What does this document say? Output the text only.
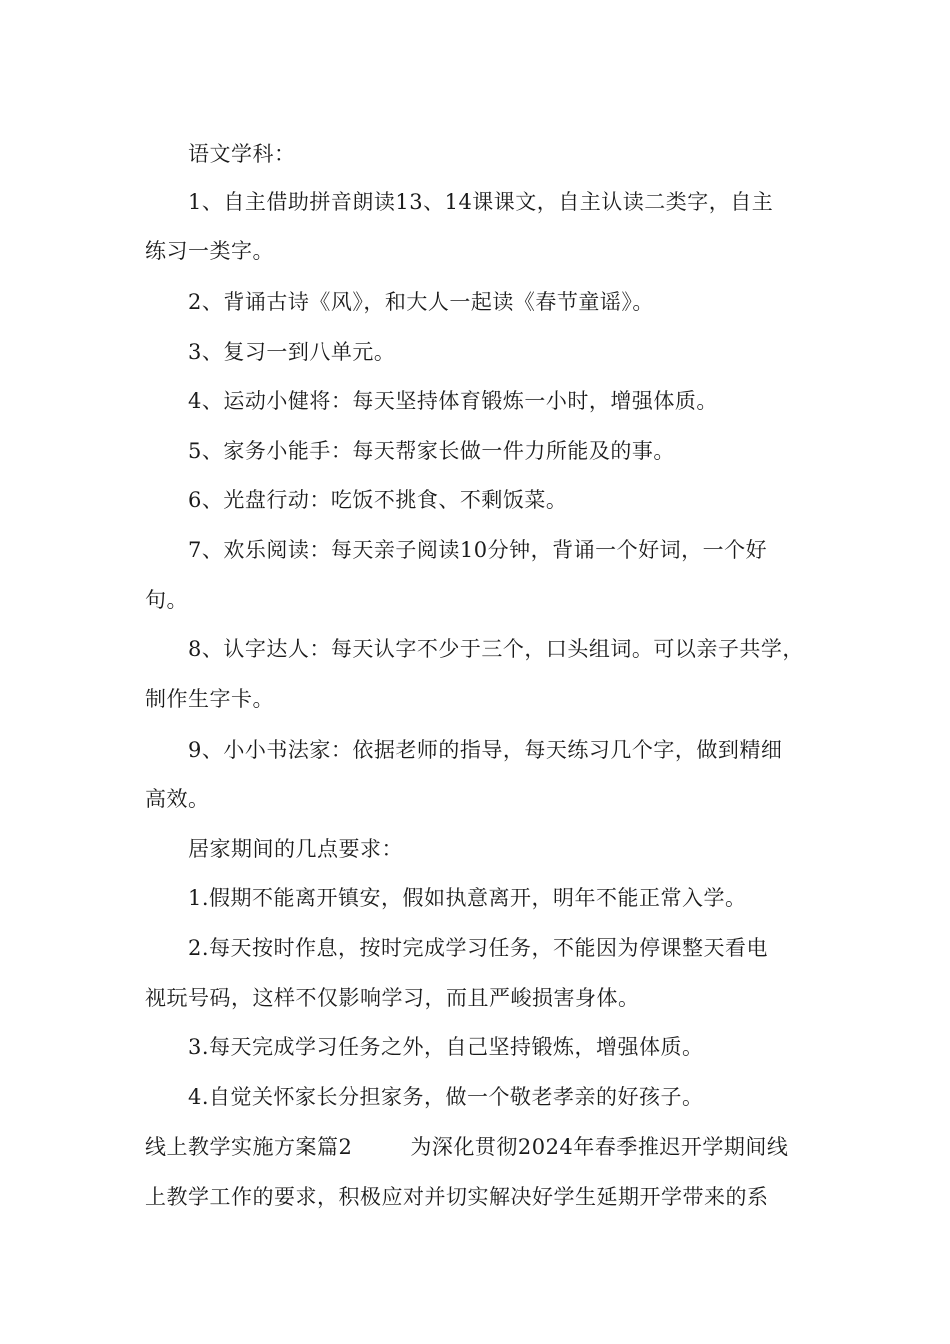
语文学科：
1、自主借助拼音朗读13、14课课文，自主认读二类字，自主
练习一类字。
2、背诵古诗《风》，和大人一起读《春节童谣》。
3、复习一到八单元。
4、运动小健将：每天坚持体育锻炼一小时，增强体质。
5、家务小能手：每天帮家长做一件力所能及的事。
6、光盘行动：吃饭不挑食、不剩饭菜。
7、欢乐阅读：每天亲子阅读10分钟，背诵一个好词，一个好
句。
8、认字达人：每天认字不少于三个，口头组词。可以亲子共学，
制作生字卡。
9、小小书法家：依据老师的指导，每天练习几个字，做到精细
高效。
居家期间的几点要求：
1.假期不能离开镇安，假如执意离开，明年不能正常入学。
2.每天按时作息，按时完成学习任务，不能因为停课整天看电
视玩号码，这样不仅影响学习，而且严峻损害身体。
3.每天完成学习任务之外，自己坚持锻炼，增强体质。
4.自觉关怀家长分担家务，做一个敬老孝亲的好孩子。
线上教学实施方案篇2	为深化贯彻2024年春季推迟开学期间线
上教学工作的要求，积极应对并切实解决好学生延期开学带来的系
